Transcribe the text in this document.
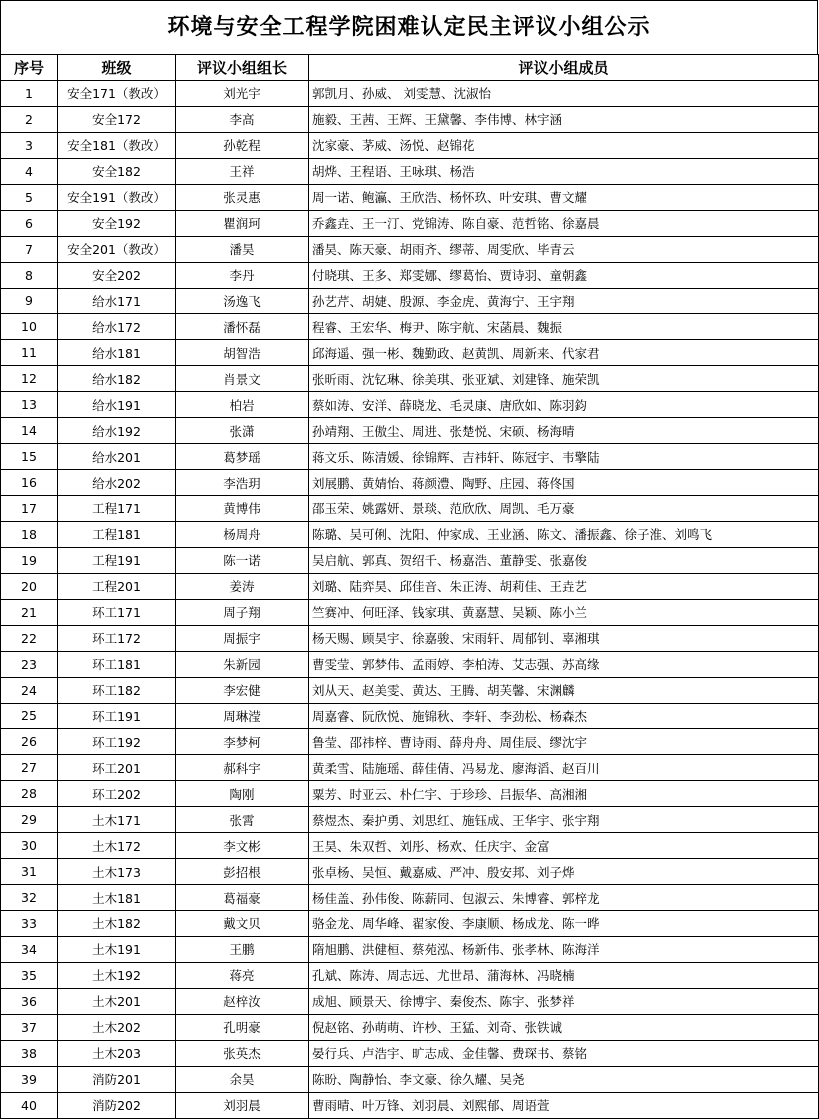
环境与安全工程学院困难认定民主评议小组公示
序号	班级	评议小组组长	评议小组成员
1	安全171（教改）	刘光宇	郭凯月、孙威、 刘雯慧、沈淑怡
2	安全172	李高	施毅、王茜、王辉、王黛馨、李伟博、林宇涵
3	安全181（教改）	孙乾程	沈家豪、茅威、汤悦、赵锦花
4	安全182	王祥	胡烨、王程语、王咏琪、杨浩
5	安全191（教改）	张灵惠	周一诺、鲍瀛、王欣浩、杨怀玖、叶安琪、曹文耀
6	安全192	瞿润珂	乔鑫垚、王一汀、党锦涛、陈自豪、范哲铭、徐嘉晨
7	安全201（教改）	潘昊	潘昊、陈天豪、胡雨齐、缪蒂、周雯欣、毕青云
8	安全202	李丹	付晓琪、王多、郑雯娜、缪葛怡、贾诗羽、童朝鑫
9	给水171	汤逸飞	孙艺芹、胡婕、殷源、李金虎、黄海宁、王宇翔
10	给水172	潘怀磊	程睿、王宏华、梅尹、陈宇航、宋菡晨、魏振
11	给水181	胡智浩	邱海遥、强一彬、魏勤政、赵黄凯、周新来、代家君
12	给水182	肖景文	张昕雨、沈钇琳、徐美琪、张亚斌、刘建锋、施荣凯
13	给水191	柏岩	蔡如涛、安洋、薛晓龙、毛灵康、唐欣如、陈羽鈞
14	给水192	张潇	孙靖翔、王傲尘、周进、张楚悦、宋硕、杨海晴
15	给水201	葛梦瑶	蒋文乐、陈清媛、徐锦辉、吉祎轩、陈冠宇、韦擎陆
16	给水202	李浩玥	刘展鹏、黄婧怡、蒋颜澧、陶野、庄园、蒋佟国
17	工程171	黄博伟	邵玉荣、姚露妍、景琰、范欣欣、周凯、毛万豪
18	工程181	杨周舟	陈璐、吴可俐、沈阳、仲家成、王业涵、陈文、潘振鑫、徐子淮、刘鸣飞
19	工程191	陈一诺	吴启航、郭真、贺绍千、杨嘉浩、董静雯、张嘉俊
20	工程201	姜涛	刘璐、陆弈昊、邱佳音、朱正涛、胡莉佳、王垚艺
21	环工171	周子翔	竺赛冲、何旺泽、钱家琪、黄嘉慧、吴颖、陈小兰
22	环工172	周振宇	杨天赐、顾昊宇、徐嘉骏、宋雨轩、周郁钊、辜湘琪
23	环工181	朱新园	曹雯莹、郭梦伟、孟雨婷、李柏涛、艾志强、苏高缘
24	环工182	李宏健	刘从天、赵美雯、黄达、王腾、胡芙馨、宋渊麟
25	环工191	周琳滢	周嘉睿、阮欣悦、施锦秋、李轩、李劲松、杨森杰
26	环工192	李梦柯	鲁莹、邵祎梓、曹诗雨、薛舟舟、周佳辰、缪沈宇
27	环工201	郝科宇	黄柔雪、陆施瑶、薛佳倩、冯易龙、廖海滔、赵百川
28	环工202	陶刚	粟芳、时亚云、朴仁宇、于珍珍、吕振华、高湘湘
29	土木171	张霄	蔡煜杰、秦护勇、刘思红、施钰成、王华宇、张宇翔
30	土木172	李文彬	王昊、朱双哲、刘彤、杨欢、任庆宇、金富
31	土木173	彭招根	张卓杨、吴恒、戴嘉威、严冲、殷安邦、刘子烨
32	土木181	葛福豪	杨佳盖、孙伟俊、陈薪同、包淑云、朱博睿、郭梓龙
33	土木182	戴文贝	骆金龙、周华峰、翟家俊、李康顺、杨成龙、陈一晔
34	土木191	王鹏	隋旭鹏、洪健桓、蔡苑泓、杨新伟、张孝林、陈海洋
35	土木192	蒋亮	孔斌、陈涛、周志远、尤世昂、蒲海林、冯晓楠
36	土木201	赵梓汝	成旭、顾景天、徐博宇、秦俊杰、陈宇、张梦祥
37	土木202	孔明豪	倪赵铭、孙萌萌、许杪、王猛、刘奇、张铁诚
38	土木203	张英杰	晏行兵、卢浩宇、旷志成、金佳馨、费琛书、蔡铭
39	消防201	余昊	陈盼、陶静怡、李文豪、徐久耀、吴尧
40	消防202	刘羽晨	曹雨晴、叶万锋、刘羽晨、刘熙郁、周语萱
